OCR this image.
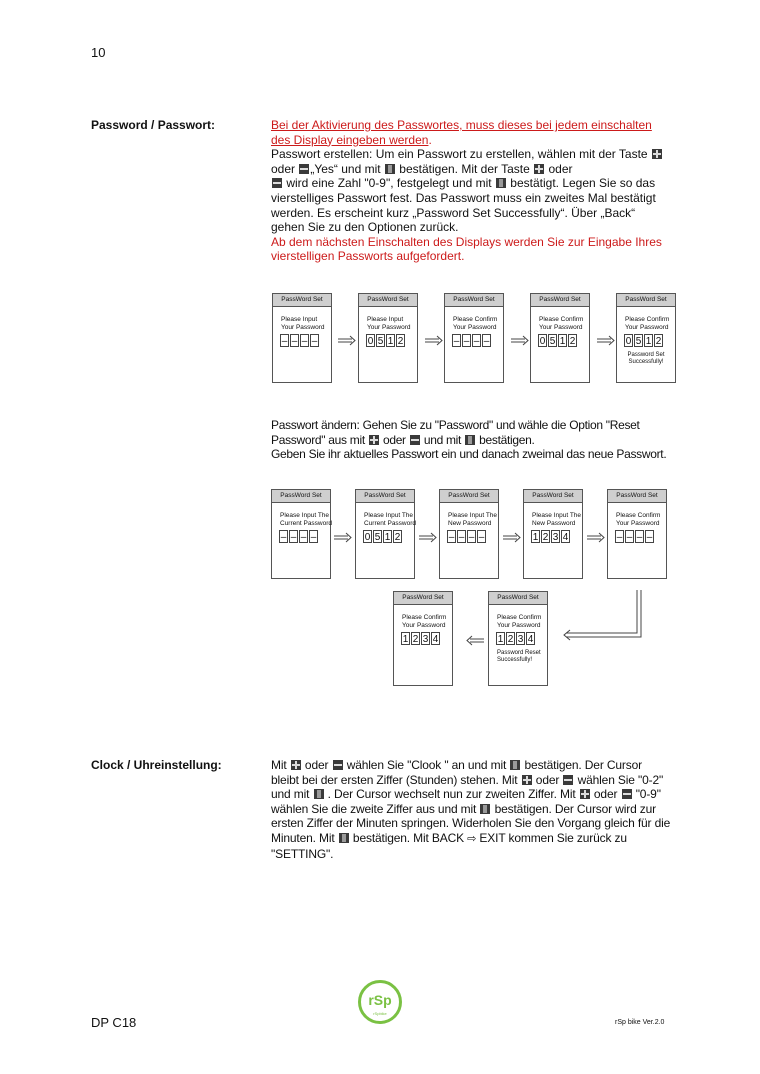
10
Password / Passwort:	Bei der Aktivierung des Passwortes, muss dieses bei jedem einschalten des Display eingeben werden.

Passwort erstellen: Um ein Passwort zu erstellen, wählen mit der Taste  oder „Yes“ und mit  bestätigen. Mit der Taste  oder
wird eine Zahl "0-9", festgelegt und mit  bestätigt. Legen Sie so das vierstelliges Passwort fest. Das Passwort muss ein zweites Mal bestätigt werden. Es erscheint kurz „Password Set Successfully“. Über „Back“ gehen Sie zu den Optionen zurück.

Ab dem nächsten Einschalten des Displays werden Sie zur Eingabe Ihres vierstelligen Passworts aufgefordert.

PassWord Set
Please Input
Your Password
– – – –
PassWord Set
Please Input
Your Password
0 5 1 2
PassWord Set
Please Confirm
Your Password
– – – –
PassWord Set
Please Confirm
Your Password
0 5 1 2
PassWord Set
Please Confirm
Your Password
0 5 1 2
Password Set
Successfully!

Passwort ändern: Gehen Sie zu "Password" und wähle die Option "Reset Password" aus mit  oder  und mit  bestätigen.

Geben Sie ihr aktuelles Passwort ein und danach zweimal das neue Passwort.

PassWord Set
Please Input The
Current Password
– – – –
PassWord Set
Please Input The
Current Password
0 5 1 2
PassWord Set
Please Input The
New Password
– – – –
PassWord Set
Please Input The
New Password
1 2 3 4
PassWord Set
Please Confirm
Your Password
– – – –
PassWord Set
Please Confirm
Your Password
1 2 3 4
PassWord Set
Please Confirm
Your Password
1 2 3 4
Password Reset
Successfully!
Clock / Uhreinstellung:	Mit  oder  wählen Sie "Clook " an und mit  bestätigen. Der Cursor bleibt bei der ersten Ziffer (Stunden) stehen. Mit  oder  wählen Sie "0-2" und mit  . Der Cursor wechselt nun zur zweiten Ziffer. Mit  oder  "0-9" wählen Sie die zweite Ziffer aus und mit  bestätigen. Der Cursor wird zur ersten Ziffer der Minuten springen. Widerholen Sie den Vorgang gleich für die Minuten. Mit  bestätigen. Mit BACK ⇨ EXIT kommen Sie zurück zu "SETTING".

DP C18
rSp
rSpbike
rSp bike Ver.2.0
